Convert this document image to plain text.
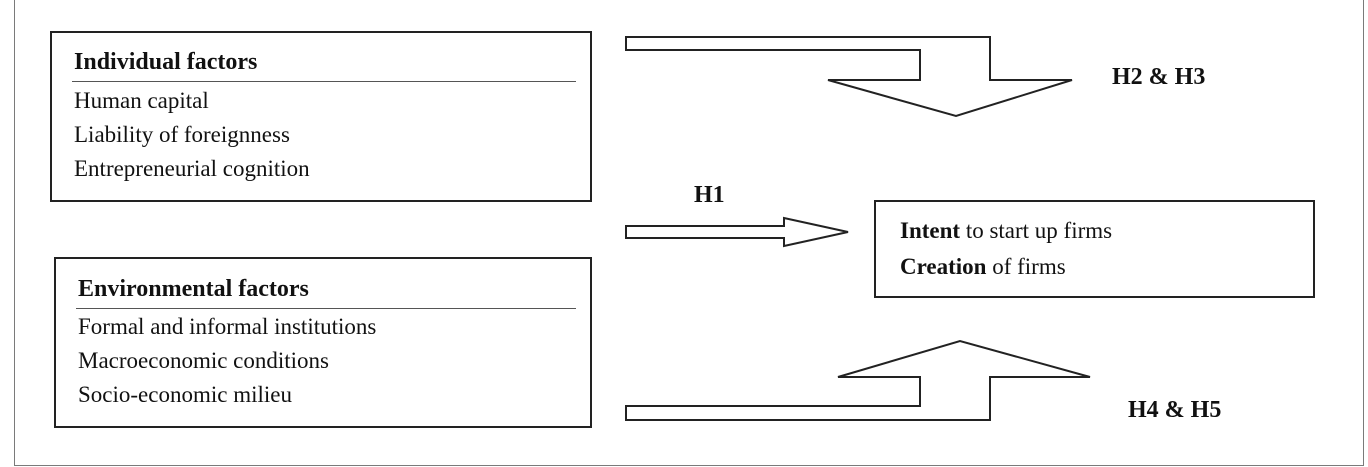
Individual factors
Human capital
Liability of foreignness
Entrepreneurial cognition
Environmental factors
Formal and informal institutions
Macroeconomic conditions
Socio-economic milieu
Intent to start up firms
Creation of firms
H2 & H3
H1
H4 & H5
